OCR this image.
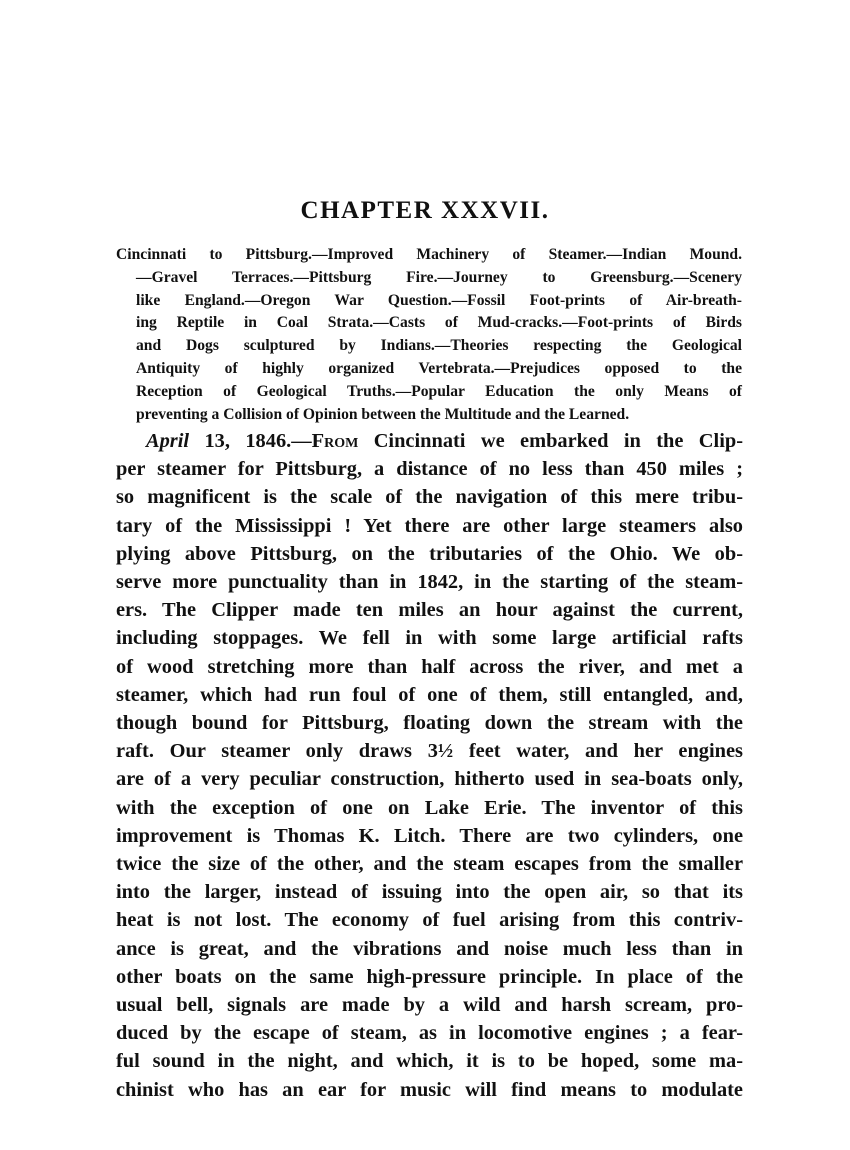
CHAPTER XXXVII.
Cincinnati to Pittsburg.—Improved Machinery of Steamer.—Indian Mound.
—Gravel Terraces.—Pittsburg Fire.—Journey to Greensburg.—Scenery
like England.—Oregon War Question.—Fossil Foot-prints of Air-breath-
ing Reptile in Coal Strata.—Casts of Mud-cracks.—Foot-prints of Birds
and Dogs sculptured by Indians.—Theories respecting the Geological
Antiquity of highly organized Vertebrata.—Prejudices opposed to the
Reception of Geological Truths.—Popular Education the only Means of
preventing a Collision of Opinion between the Multitude and the Learned.
April 13, 1846.—From Cincinnati we embarked in the Clip-
per steamer for Pittsburg, a distance of no less than 450 miles ;
so magnificent is the scale of the navigation of this mere tribu-
tary of the Mississippi ! Yet there are other large steamers also
plying above Pittsburg, on the tributaries of the Ohio. We ob-
serve more punctuality than in 1842, in the starting of the steam-
ers. The Clipper made ten miles an hour against the current,
including stoppages. We fell in with some large artificial rafts
of wood stretching more than half across the river, and met a
steamer, which had run foul of one of them, still entangled, and,
though bound for Pittsburg, floating down the stream with the
raft. Our steamer only draws 3½ feet water, and her engines
are of a very peculiar construction, hitherto used in sea-boats only,
with the exception of one on Lake Erie. The inventor of this
improvement is Thomas K. Litch. There are two cylinders, one
twice the size of the other, and the steam escapes from the smaller
into the larger, instead of issuing into the open air, so that its
heat is not lost. The economy of fuel arising from this contriv-
ance is great, and the vibrations and noise much less than in
other boats on the same high-pressure principle. In place of the
usual bell, signals are made by a wild and harsh scream, pro-
duced by the escape of steam, as in locomotive engines ; a fear-
ful sound in the night, and which, it is to be hoped, some ma-
chinist who has an ear for music will find means to modulate
